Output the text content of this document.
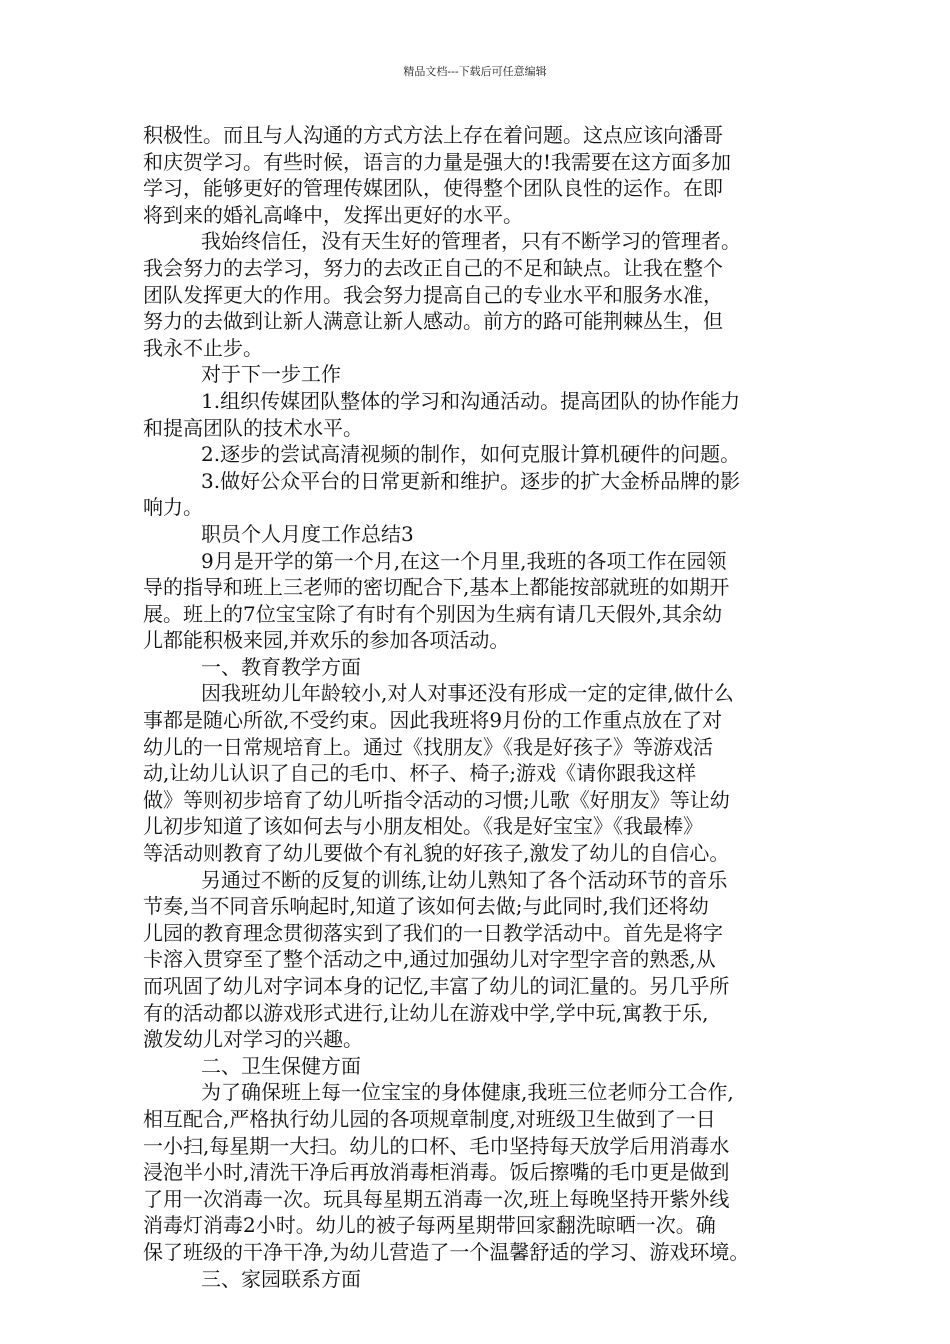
精品文档---下载后可任意编辑
积极性。而且与人沟通的方式方法上存在着问题。这点应该向潘哥
和庆贺学习。有些时候，语言的力量是强大的!我需要在这方面多加
学习，能够更好的管理传媒团队，使得整个团队良性的运作。在即
将到来的婚礼高峰中，发挥出更好的水平。
我始终信任，没有天生好的管理者，只有不断学习的管理者。
我会努力的去学习，努力的去改正自己的不足和缺点。让我在整个
团队发挥更大的作用。我会努力提高自己的专业水平和服务水准，
努力的去做到让新人满意让新人感动。前方的路可能荆棘丛生，但
我永不止步。
对于下一步工作
1.组织传媒团队整体的学习和沟通活动。提高团队的协作能力
和提高团队的技术水平。
2.逐步的尝试高清视频的制作，如何克服计算机硬件的问题。
3.做好公众平台的日常更新和维护。逐步的扩大金桥品牌的影
响力。
职员个人月度工作总结3
9月是开学的第一个月,在这一个月里,我班的各项工作在园领
导的指导和班上三老师的密切配合下,基本上都能按部就班的如期开
展。班上的7位宝宝除了有时有个别因为生病有请几天假外,其余幼
儿都能积极来园,并欢乐的参加各项活动。
一、教育教学方面
因我班幼儿年龄较小,对人对事还没有形成一定的定律,做什么
事都是随心所欲,不受约束。因此我班将9月份的工作重点放在了对
幼儿的一日常规培育上。通过《找朋友》《我是好孩子》等游戏活
动,让幼儿认识了自己的毛巾、杯子、椅子;游戏《请你跟我这样
做》等则初步培育了幼儿听指令活动的习惯;儿歌《好朋友》等让幼
儿初步知道了该如何去与小朋友相处。《我是好宝宝》《我最棒》
等活动则教育了幼儿要做个有礼貌的好孩子,激发了幼儿的自信心。
另通过不断的反复的训练,让幼儿熟知了各个活动环节的音乐
节奏,当不同音乐响起时,知道了该如何去做;与此同时,我们还将幼
儿园的教育理念贯彻落实到了我们的一日教学活动中。首先是将字
卡溶入贯穿至了整个活动之中,通过加强幼儿对字型字音的熟悉,从
而巩固了幼儿对字词本身的记忆,丰富了幼儿的词汇量的。另几乎所
有的活动都以游戏形式进行,让幼儿在游戏中学,学中玩,寓教于乐,
激发幼儿对学习的兴趣。
二、卫生保健方面
为了确保班上每一位宝宝的身体健康,我班三位老师分工合作,
相互配合,严格执行幼儿园的各项规章制度,对班级卫生做到了一日
一小扫,每星期一大扫。幼儿的口杯、毛巾坚持每天放学后用消毒水
浸泡半小时,清洗干净后再放消毒柜消毒。饭后擦嘴的毛巾更是做到
了用一次消毒一次。玩具每星期五消毒一次,班上每晚坚持开紫外线
消毒灯消毒2小时。幼儿的被子每两星期带回家翻洗晾晒一次。确
保了班级的干净干净,为幼儿营造了一个温馨舒适的学习、游戏环境。
三、家园联系方面
